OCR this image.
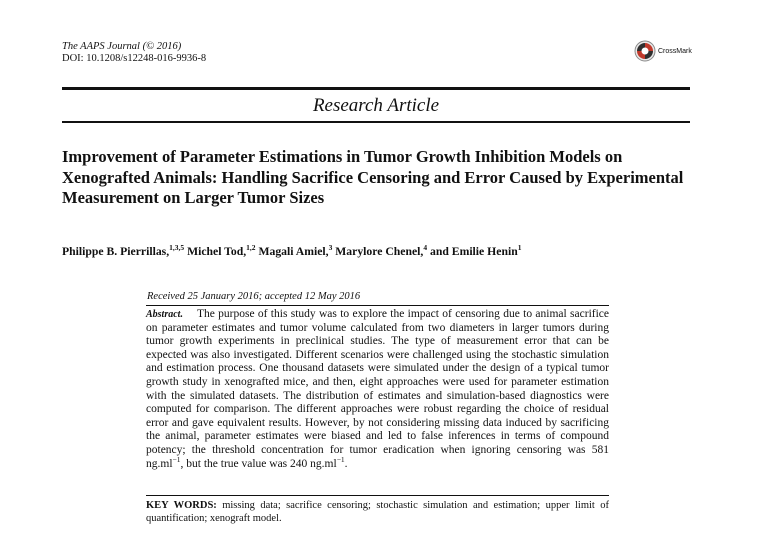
The AAPS Journal (© 2016)
DOI: 10.1208/s12248-016-9936-8
CrossMark
Research Article
Improvement of Parameter Estimations in Tumor Growth Inhibition Models on Xenografted Animals: Handling Sacrifice Censoring and Error Caused by Experimental Measurement on Larger Tumor Sizes
Philippe B. Pierrillas,$^{1,3,5}$ Michel Tod,$^{1,2}$ Magali Amiel,$^3$ Marylore Chenel,$^4$ and Emilie Henin$^1$
Received 25 January 2016; accepted 12 May 2016

Abstract. The purpose of this study was to explore the impact of censoring due to animal sacrifice on parameter estimates and tumor volume calculated from two diameters in larger tumors during tumor growth experiments in preclinical studies. The type of measurement error that can be expected was also investigated. Different scenarios were challenged using the stochastic simulation and estimation process. One thousand datasets were simulated under the design of a typical tumor growth study in xenografted mice, and then, eight approaches were used for parameter estimation with the simulated datasets. The distribution of estimates and simulation-based diagnostics were computed for comparison. The different approaches were robust regarding the choice of residual error and gave equivalent results. However, by not considering missing data induced by sacrificing the animal, parameter estimates were biased and led to false inferences in terms of compound potency; the threshold concentration for tumor eradication when ignoring censoring was 581 $ng.ml^{-1}$, but the true value was 240 $ng.ml^{-1}$.

KEY WORDS: missing data; sacrifice censoring; stochastic simulation and estimation; upper limit of quantification; xenograft model.
